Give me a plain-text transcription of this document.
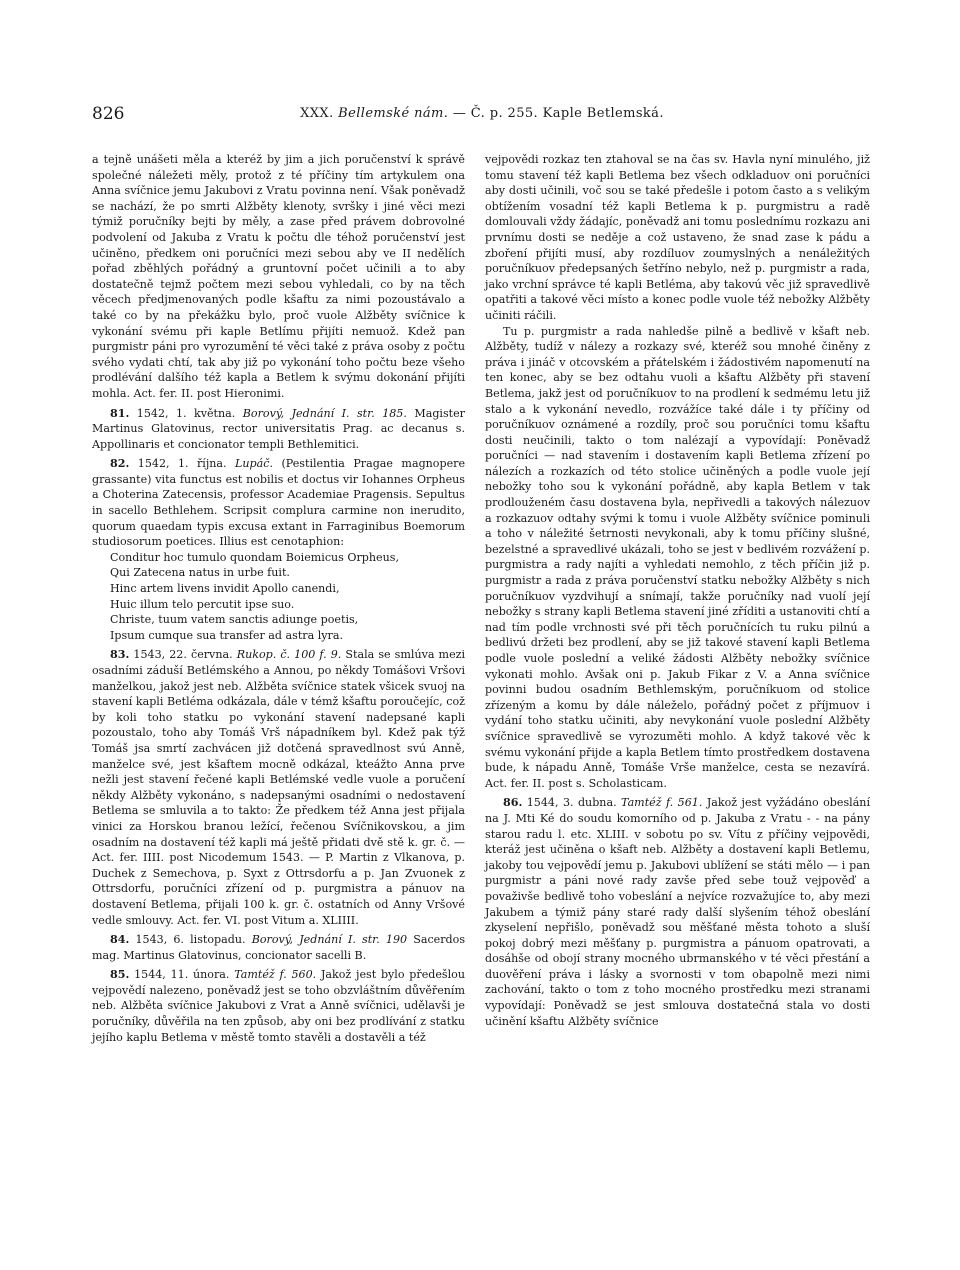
826	XXX. Bellemské nám. — Č. p. 255. Kaple Betlemská.

a tejně unášeti měla a kteréž by jim a jich poručenství k správě společné náležeti měly, protož z té příčiny tím artykulem ona Anna svíčnice jemu Jakubovi z Vratu povinna není. Však poněvadž se nachází, že po smrti Alžběty klenoty, svršky i jiné věci mezi týmiž poručníky bejti by měly, a zase před právem dobrovolné podvolení od Jakuba z Vratu k počtu dle téhož poručenství jest učiněno, předkem oni poručníci mezi sebou aby ve II nedělích pořad zběhlých pořádný a gruntovní počet učinili a to aby dostatečně tejmž počtem mezi sebou vyhledali, co by na těch věcech předjmenovaných podle kšaftu za nimi pozoustávalo a také co by na překážku bylo, proč vuole Alžběty svíčnice k vykonání svému při kaple Betlímu přijíti nemuož. Kdež pan purgmistr páni pro vyrozumění té věci také z práva osoby z počtu svého vydati chtí, tak aby již po vykonání toho počtu beze všeho prodlévání dalšího též kapla a Betlem k svýmu dokonání přijíti mohla. Act. fer. II. post Hieronimi.

81. 1542, 1. května. Borový, Jednání I. str. 185. Magister Martinus Glatovinus, rector universitatis Prag. ac decanus s. Appollinaris et concionator templi Bethlemitici.

82. 1542, 1. října. Lupáč. (Pestilentia Pragae magnopere grassante) vita functus est nobilis et doctus vir Iohannes Orpheus a Choterina Zatecensis, professor Academiae Pragensis. Sepultus in sacello Bethlehem. Scripsit complura carmine non inerudito, quorum quaedam typis excusa extant in Farraginibus Boemorum studiosorum poetices. Illius est cenotaphion:

Conditur hoc tumulo quondam Boiemicus Orpheus,
Qui Zatecena natus in urbe fuit.
Hinc artem livens invidit Apollo canendi,
Huic illum telo percutit ipse suo.
Christe, tuum vatem sanctis adiunge poetis,
Ipsum cumque sua transfer ad astra lyra.

83. 1543, 22. června. Rukop. č. 100 f. 9. Stala se smlúva mezi osadními záduší Betlémského a Annou, po někdy Tomášovi Vršovi manželkou, jakož jest neb. Alžběta svíčnice statek všicek svuoj na stavení kapli Betléma odkázala, dále v témž kšaftu poroučejíc, což by koli toho statku po vykonání stavení nadepsané kapli pozoustalo, toho aby Tomáš Vrš nápadníkem byl. Kdež pak týž Tomáš jsa smrtí zachvácen již dotčená spravedlnost svú Anně, manželce své, jest kšaftem mocně odkázal, kteážto Anna prve nežli jest stavení řečené kapli Betlémské vedle vuole a poručení někdy Alžběty vykonáno, s nadepsanými osadními o nedostavení Betlema se smluvila a to takto: Že předkem též Anna jest přijala vinici za Horskou branou ležící, řečenou Svíčnikovskou, a jim osadním na dostavení též kapli má ještě přidati dvě stě k. gr. č. — Act. fer. IIII. post Nicodemum 1543. — P. Martin z Vlkanova, p. Duchek z Semechova, p. Syxt z Ottrsdorfu a p. Jan Zvuonek z Ottrsdorfu, poručníci zřízení od p. purgmistra a pánuov na dostavení Betlema, přijali 100 k. gr. č. ostatních od Anny Vršové vedle smlouvy. Act. fer. VI. post Vitum a. XLIIII.

84. 1543, 6. listopadu. Borový, Jednání I. str. 190 Sacerdos mag. Martinus Glatovinus, concionator sacelli B.

85. 1544, 11. února. Tamtéž f. 560. Jakož jest bylo předešlou vejpovědí nalezeno, poněvadž jest se toho obzvláštním důvěřením neb. Alžběta svíčnice Jakubovi z Vrat a Anně svíčnici, udělavši je poručníky, důvěřila na ten způsob, aby oni bez prodlívání z statku jejího kaplu Betlema v městě tomto stavěli a dostavěli a též

vejpovědi rozkaz ten ztahoval se na čas sv. Havla nyní minulého, již tomu stavení též kapli Betlema bez všech odkladuov oni poručníci aby dosti učinili, voč sou se také předešle i potom často a s velikým obtížením vosadní též kapli Betlema k p. purgmistru a radě domlouvali vždy žádajíc, poněvadž ani tomu poslednímu rozkazu ani prvnímu dosti se neděje a což ustaveno, že snad zase k pádu a zboření přijíti musí, aby rozdíluov zoumyslných a nenáležitých poručníkuov předepsaných šetříno nebylo, než p. purgmistr a rada, jako vrchní správce té kapli Betléma, aby takovú věc již spravedlivě opatřiti a takové věci místo a konec podle vuole též nebožky Alžběty učiniti ráčili.

Tu p. purgmistr a rada nahledše pilně a bedlivě v kšaft neb. Alžběty, tudíž v nálezy a rozkazy své, kteréž sou mnohé činěny z práva i jináč v otcovském a přátelském i žádostivém napomenutí na ten konec, aby se bez odtahu vuoli a kšaftu Alžběty při stavení Betlema, jakž jest od poručníkuov to na prodlení k sedmému letu již stalo a k vykonání nevedlo, rozvážíce také dále i ty příčiny od poručníkuov oznámené a rozdíly, proč sou poručníci tomu kšaftu dosti neučinili, takto o tom nalézají a vypovídají: Poněvadž poručníci — nad stavením i dostavením kapli Betlema zřízení po nálezích a rozkazích od této stolice učiněných a podle vuole její nebožky toho sou k vykonání pořádně, aby kapla Betlem v tak prodlouženém času dostavena byla, nepřivedli a takových nálezuov a rozkazuov odtahy svými k tomu i vuole Alžběty svíčnice pominuli a toho v náležité šetrnosti nevykonali, aby k tomu příčiny slušné, bezelstné a spravedlivé ukázali, toho se jest v bedlivém rozvážení p. purgmistra a rady najíti a vyhledati nemohlo, z těch příčin již p. purgmistr a rada z práva poručenství statku nebožky Alžběty s nich poručníkuov vyzdvihují a snímají, takže poručníky nad vuolí její nebožky s strany kapli Betlema stavení jiné zříditi a ustanoviti chtí a nad tím podle vrchnosti své při těch poručnících tu ruku pilnú a bedlivú držeti bez prodlení, aby se již takové stavení kapli Betlema podle vuole poslední a veliké žádosti Alžběty nebožky svíčnice vykonati mohlo. Avšak oni p. Jakub Fikar z V. a Anna svíčnice povinni budou osadním Bethlemským, poručníkuom od stolice zřízeným a komu by dále náleželo, pořádný počet z příjmuov i vydání toho statku učiniti, aby nevykonání vuole poslední Alžběty svíčnice spravedlivě se vyrozuměti mohlo. A když takové věc k svému vykonání přijde a kapla Betlem tímto prostředkem dostavena bude, k nápadu Anně, Tomáše Vrše manželce, cesta se nezavírá. Act. fer. II. post s. Scholasticam.

86. 1544, 3. dubna. Tamtéž f. 561. Jakož jest vyžádáno obeslání na J. Mti Ké do soudu komorního od p. Jakuba z Vratu - - na pány starou radu l. etc. XLIII. v sobotu po sv. Vítu z příčiny vejpovědi, kteráž jest učiněna o kšaft neb. Alžběty a dostavení kapli Betlemu, jakoby tou vejpovědí jemu p. Jakubovi ublížení se státi mělo — i pan purgmistr a páni nové rady zavše před sebe touž vejpověď a považivše bedlivě toho vobeslání a nejvíce rozvažujíce to, aby mezi Jakubem a týmiž pány staré rady další slyšením téhož obeslání zkyselení nepřišlo, poněvadž sou měšťané města tohoto a sluší pokoj dobrý mezi měšťany p. purgmistra a pánuom opatrovati, a dosáhše od obojí strany mocného ubrmanského v té věci přestání a duověření práva i lásky a svornosti v tom obapolně mezi nimi zachování, takto o tom z toho mocného prostředku mezi stranami vypovídají: Poněvadž se jest smlouva dostatečná stala vo dosti učinění kšaftu Alžběty svíčnice
